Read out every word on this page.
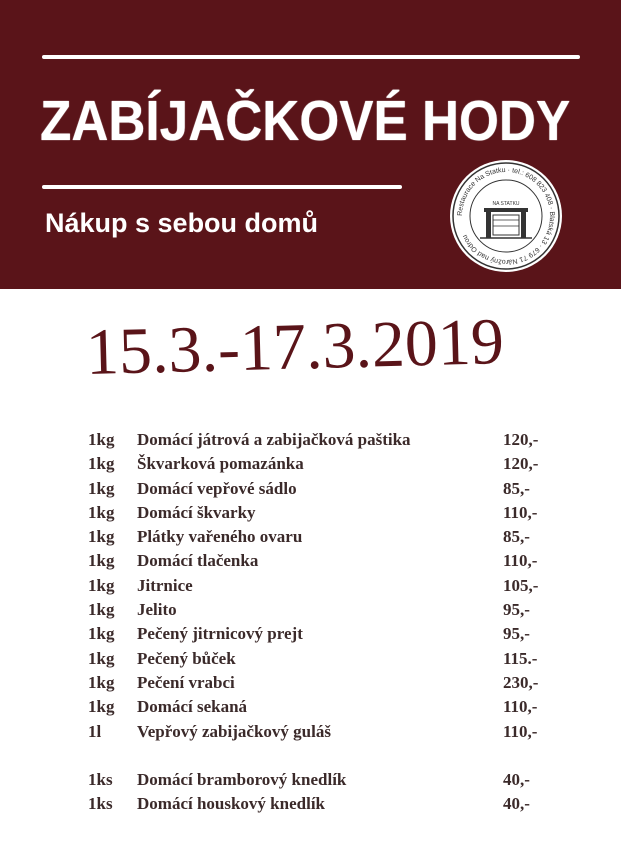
ZABÍJAČKOVÉ HODY
Nákup s sebou domů	Restaurace Na Statku · tel.: 608 823 408 · Blatská 13 · 679 71 Nárožný nad Odrou
NA STATKU
15.3.-17.3.2019
1kg Domácí játrová a zabijačková paštika	120,-
1kg Škvarková pomazánka	120,-
1kg Domácí vepřové sádlo	85,-
1kg Domácí škvarky	110,-
1kg Plátky vařeného ovaru	85,-
1kg Domácí tlačenka	110,-
1kg Jitrnice	105,-
1kg Jelito	95,-
1kg Pečený jitrnicový prejt	95,-
1kg Pečený bůček	115.-
1kg Pečení vrabci	230,-
1kg Domácí sekaná	110,-
1l Vepřový zabijačkový guláš	110,-
1ks Domácí bramborový knedlík	40,-
1ks Domácí houskový knedlík	40,-
